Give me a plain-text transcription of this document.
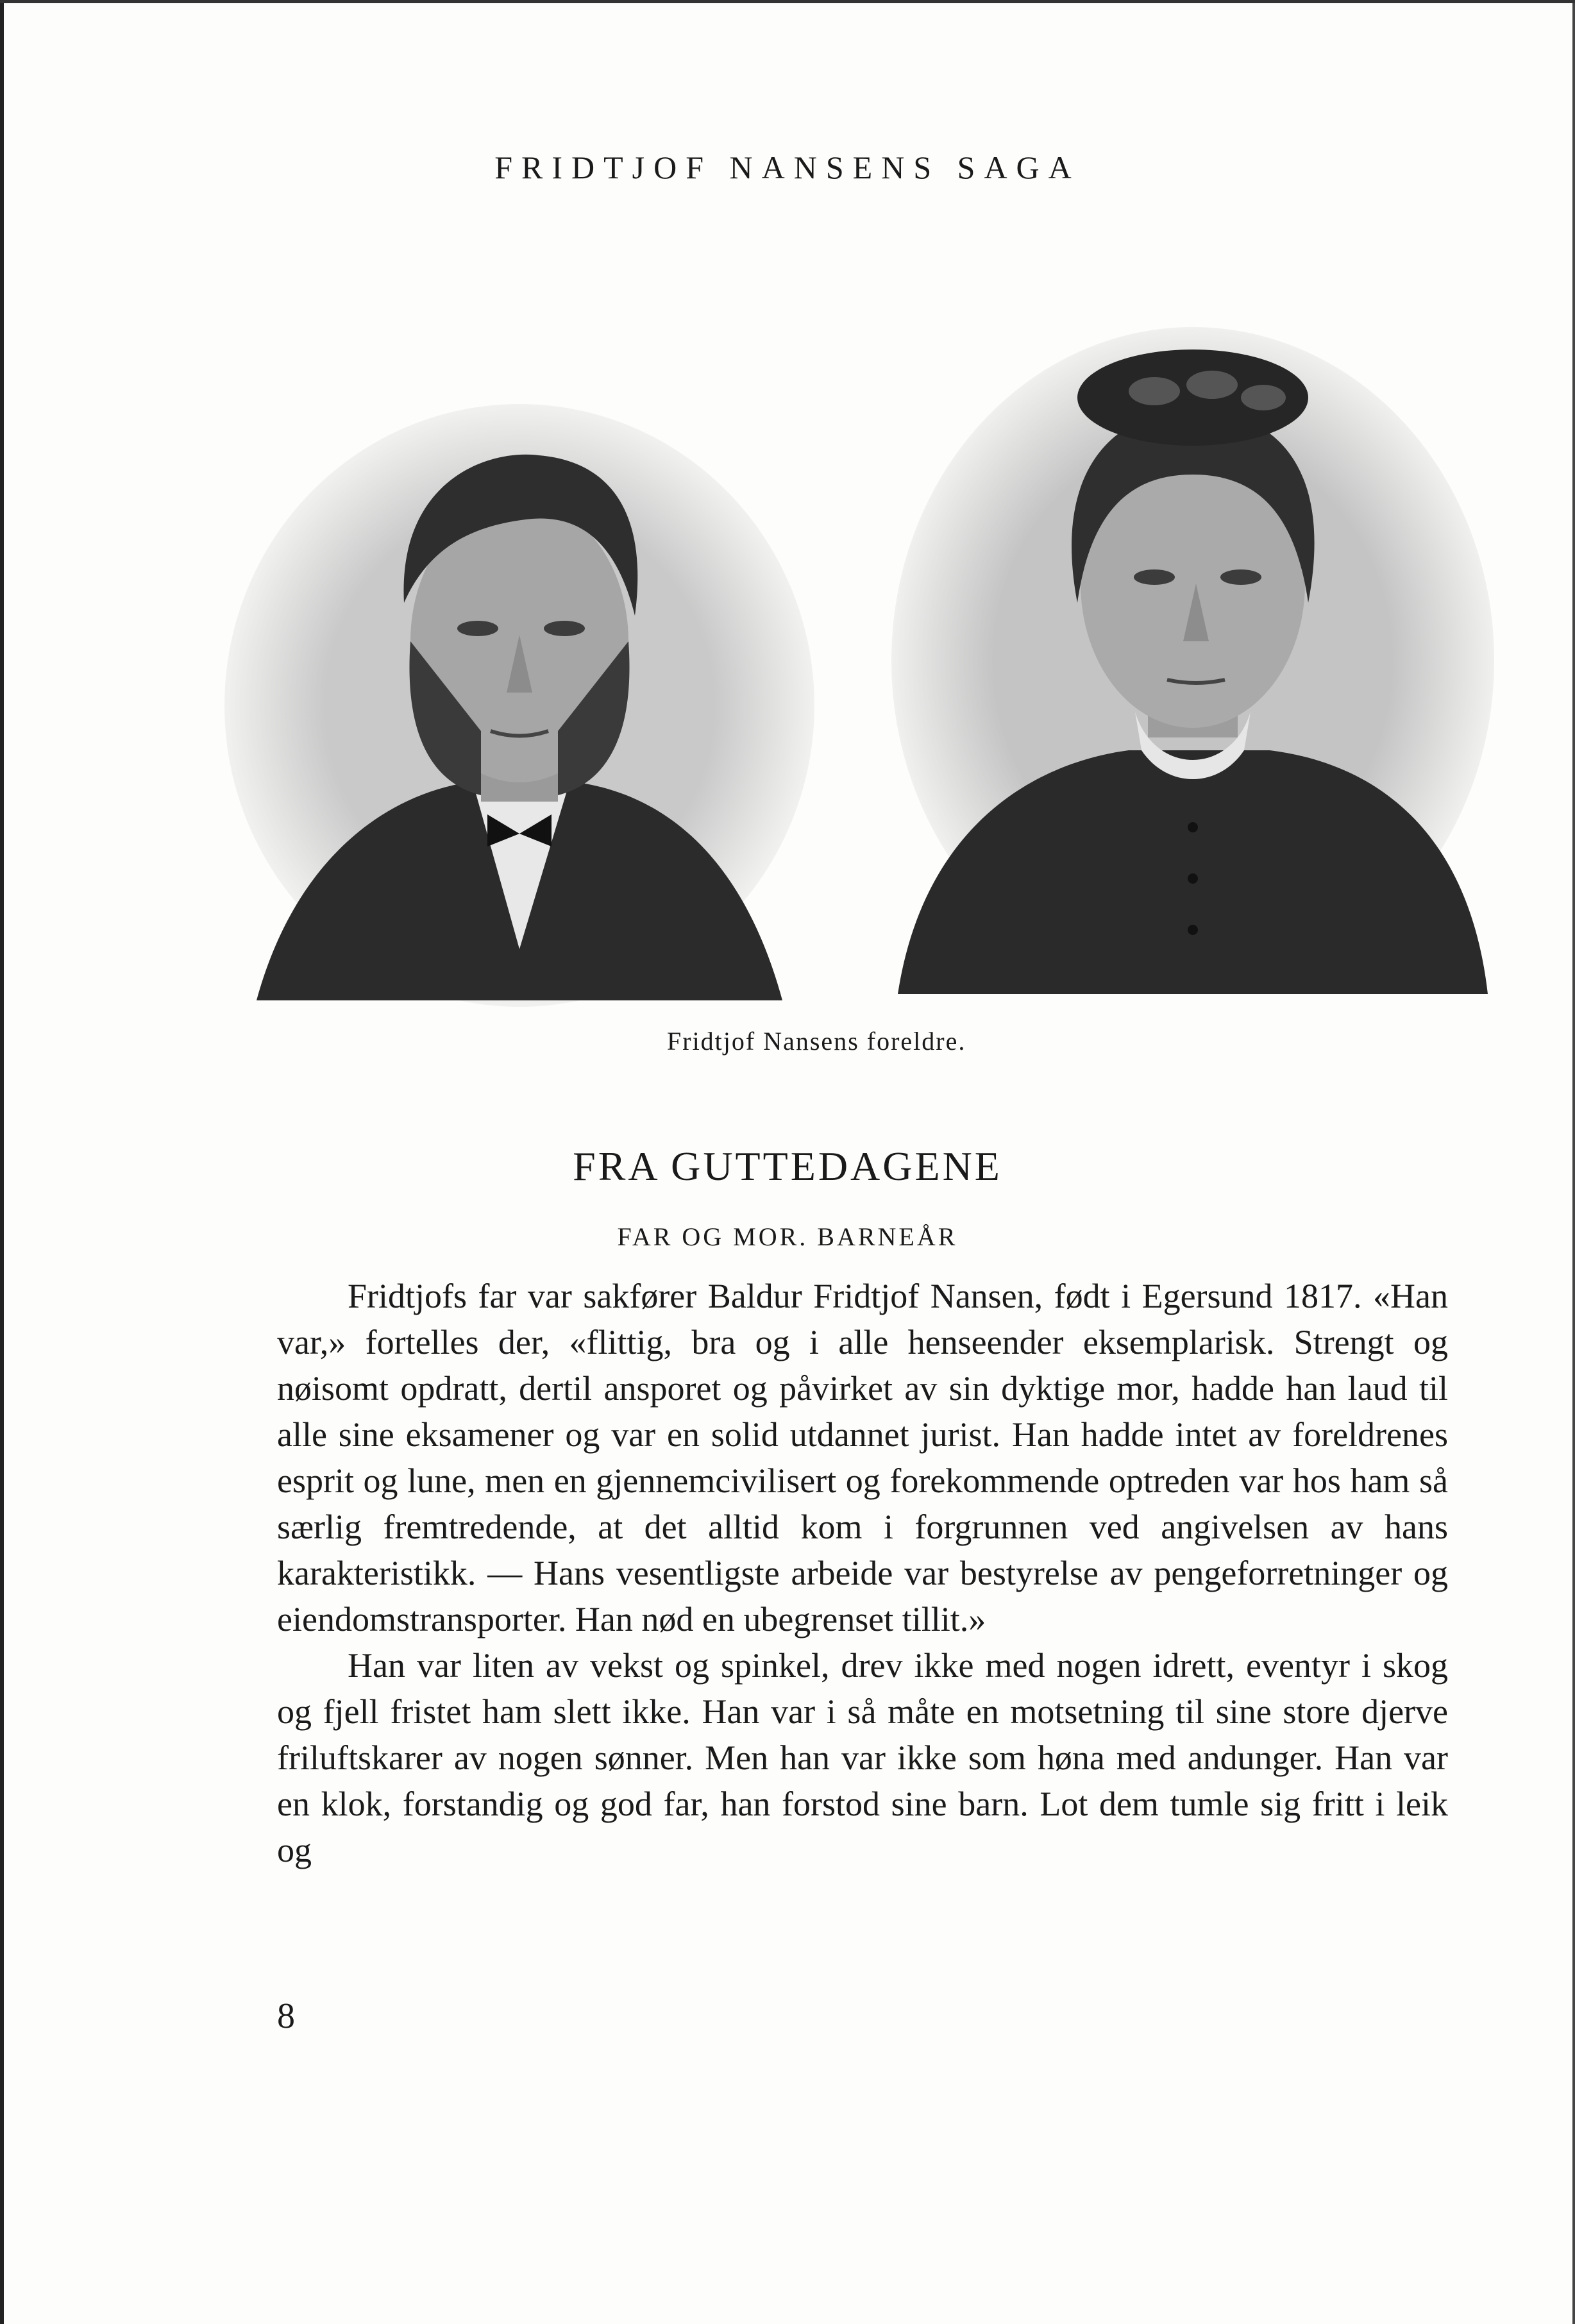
FRIDTJOF NANSENS SAGA
Fridtjof Nansens foreldre.
FRA GUTTEDAGENE
FAR OG MOR. BARNEÅR

Fridtjofs far var sakfører Baldur Fridtjof Nansen, født i Egersund 1817. «Han var,» fortelles der, «flittig, bra og i alle henseender eksemplarisk. Strengt og nøisomt opdratt, dertil ansporet og påvirket av sin dyktige mor, hadde han laud til alle sine eksamener og var en solid utdannet jurist. Han hadde intet av foreldrenes esprit og lune, men en gjennemcivilisert og forekommende optreden var hos ham så særlig fremtredende, at det alltid kom i forgrunnen ved angivelsen av hans karakteristikk. — Hans vesentligste arbeide var bestyrelse av pengeforretninger og eiendomstransporter. Han nød en ubegrenset tillit.»

Han var liten av vekst og spinkel, drev ikke med nogen idrett, eventyr i skog og fjell fristet ham slett ikke. Han var i så måte en motsetning til sine store djerve friluftskarer av nogen sønner. Men han var ikke som høna med andunger. Han var en klok, forstandig og god far, han forstod sine barn. Lot dem tumle sig fritt i leik og

8
